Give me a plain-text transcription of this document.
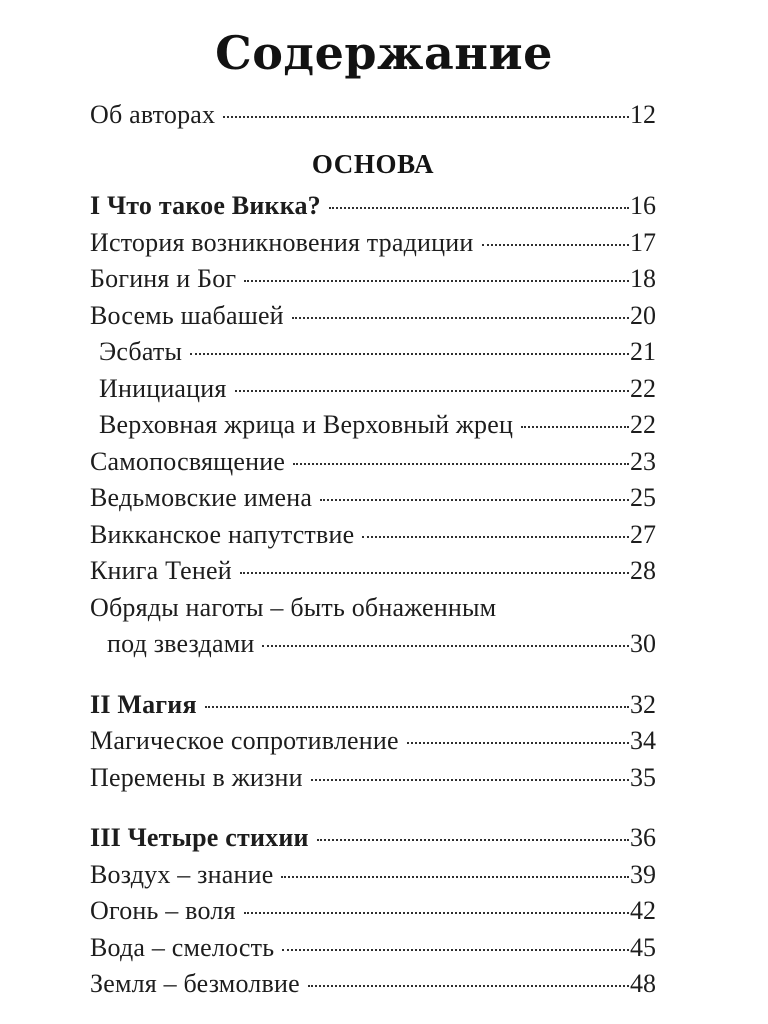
Содержание
Об авторах	12
ОСНОВА
I Что такое Викка?	16
История возникновения традиции	17
Богиня и Бог	18
Восемь шабашей	20
Эсбаты	21
Инициация	22
Верховная жрица и Верховный жрец	22
Самопосвящение	23
Ведьмовские имена	25
Викканское напутствие	27
Книга Теней	28
Обряды наготы – быть обнаженным
под звездами	30
II Магия	32
Магическое сопротивление	34
Перемены в жизни	35
III Четыре стихии	36
Воздух – знание	39
Огонь – воля	42
Вода – смелость	45
Земля – безмолвие	48
